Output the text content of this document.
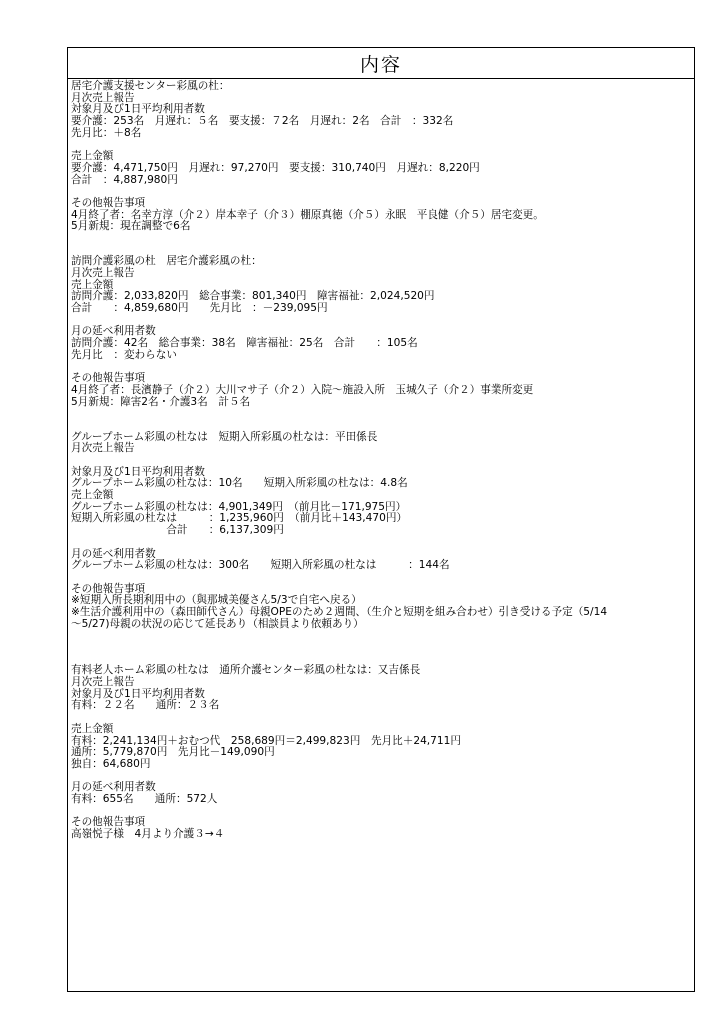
内容
居宅介護支援センター彩風の杜：
月次売上報告
対象月及び1日平均利用者数
要介護：253名　月遅れ：５名　要支援：７2名　月遅れ：2名　合計　：332名
先月比：＋8名
売上金額
要介護：4,471,750円　月遅れ：97,270円　要支援：310,740円　月遅れ：8,220円
合計　：4,887,980円
その他報告事項
4月終了者：名幸方淳（介２）岸本幸子（介３）棚原真徳（介５）永眠　平良健（介５）居宅変更。
5月新規：現在調整で6名
訪問介護彩風の杜　居宅介護彩風の杜：
月次売上報告
売上金額
訪問介護：2,033,820円　総合事業：801,340円　障害福祉：2,024,520円
合計　　：4,859,680円　　先月比　：－239,095円
月の延べ利用者数
訪問介護：42名　総合事業：38名　障害福祉：25名　合計　　：105名
先月比　：変わらない
その他報告事項
4月終了者：長濱静子（介２）大川マサ子（介２）入院～施設入所　玉城久子（介２）事業所変更
5月新規：障害2名・介護3名　計５名
グループホーム彩風の杜なは　短期入所彩風の杜なは：平田係長
月次売上報告
対象月及び1日平均利用者数
グループホーム彩風の杜なは：10名　　短期入所彩風の杜なは：4.8名
売上金額
グループホーム彩風の杜なは：4,901,349円　（前月比－171,975円）
短期入所彩風の杜なは　　　：1,235,960円　（前月比＋143,470円）
　　　　　　　　　合計　　：6,137,309円
月の延べ利用者数
グループホーム彩風の杜なは：300名　　短期入所彩風の杜なは　　　：144名
その他報告事項
※短期入所長期利用中の（與那城美優さん5/3で自宅へ戻る）
※生活介護利用中の（森田師代さん）母親OPEのため２週間、（生介と短期を組み合わせ）引き受ける予定（5/14
～5/27)母親の状況の応じて延長あり（相談員より依頼あり）
有料老人ホーム彩風の杜なは　通所介護センター彩風の杜なは：又吉係長
月次売上報告
対象月及び1日平均利用者数
有料：２２名　　通所：２３名
売上金額
有料：2,241,134円＋おむつ代　258,689円＝2,499,823円　先月比＋24,711円
通所：5,779,870円　先月比－149,090円
独自：64,680円
月の延べ利用者数
有料：655名　　通所：572人
その他報告事項
高嶺悦子様　4月より介護３→４
